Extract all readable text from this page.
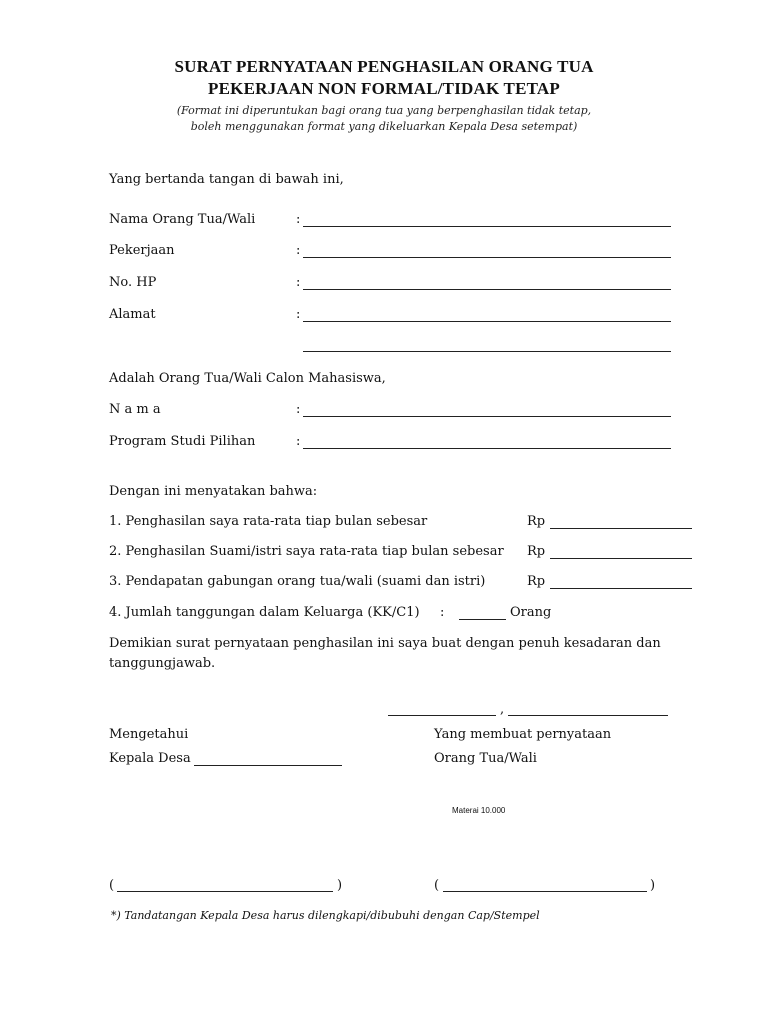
SURAT PERNYATAAN PENGHASILAN ORANG TUA
PEKERJAAN NON FORMAL/TIDAK TETAP
(Format ini diperuntukan bagi orang tua yang berpenghasilan tidak tetap,
boleh menggunakan format yang dikeluarkan Kepala Desa setempat)
Yang bertanda tangan di bawah ini,
Nama Orang Tua/Wali	:
Pekerjaan	:
No. HP	:
Alamat	:
Adalah Orang Tua/Wali Calon Mahasiswa,
N a m a	:
Program Studi Pilihan	:
Dengan ini menyatakan bahwa:
1. Penghasilan saya rata-rata tiap bulan sebesar	Rp
2. Penghasilan Suami/istri saya rata-rata tiap bulan sebesar Rp
3. Pendapatan gabungan orang tua/wali (suami dan istri)	Rp
4. Jumlah tanggungan dalam Keluarga (KK/C1) :	Orang
Demikian surat pernyataan penghasilan ini saya buat dengan penuh kesadaran dan
tanggungjawab.
,
Mengetahui
Kepala Desa
Yang membuat pernyataan
Orang Tua/Wali
Materai 10.000
(	)	(	)
*) Tandatangan Kepala Desa harus dilengkapi/dibubuhi dengan Cap/Stempel
